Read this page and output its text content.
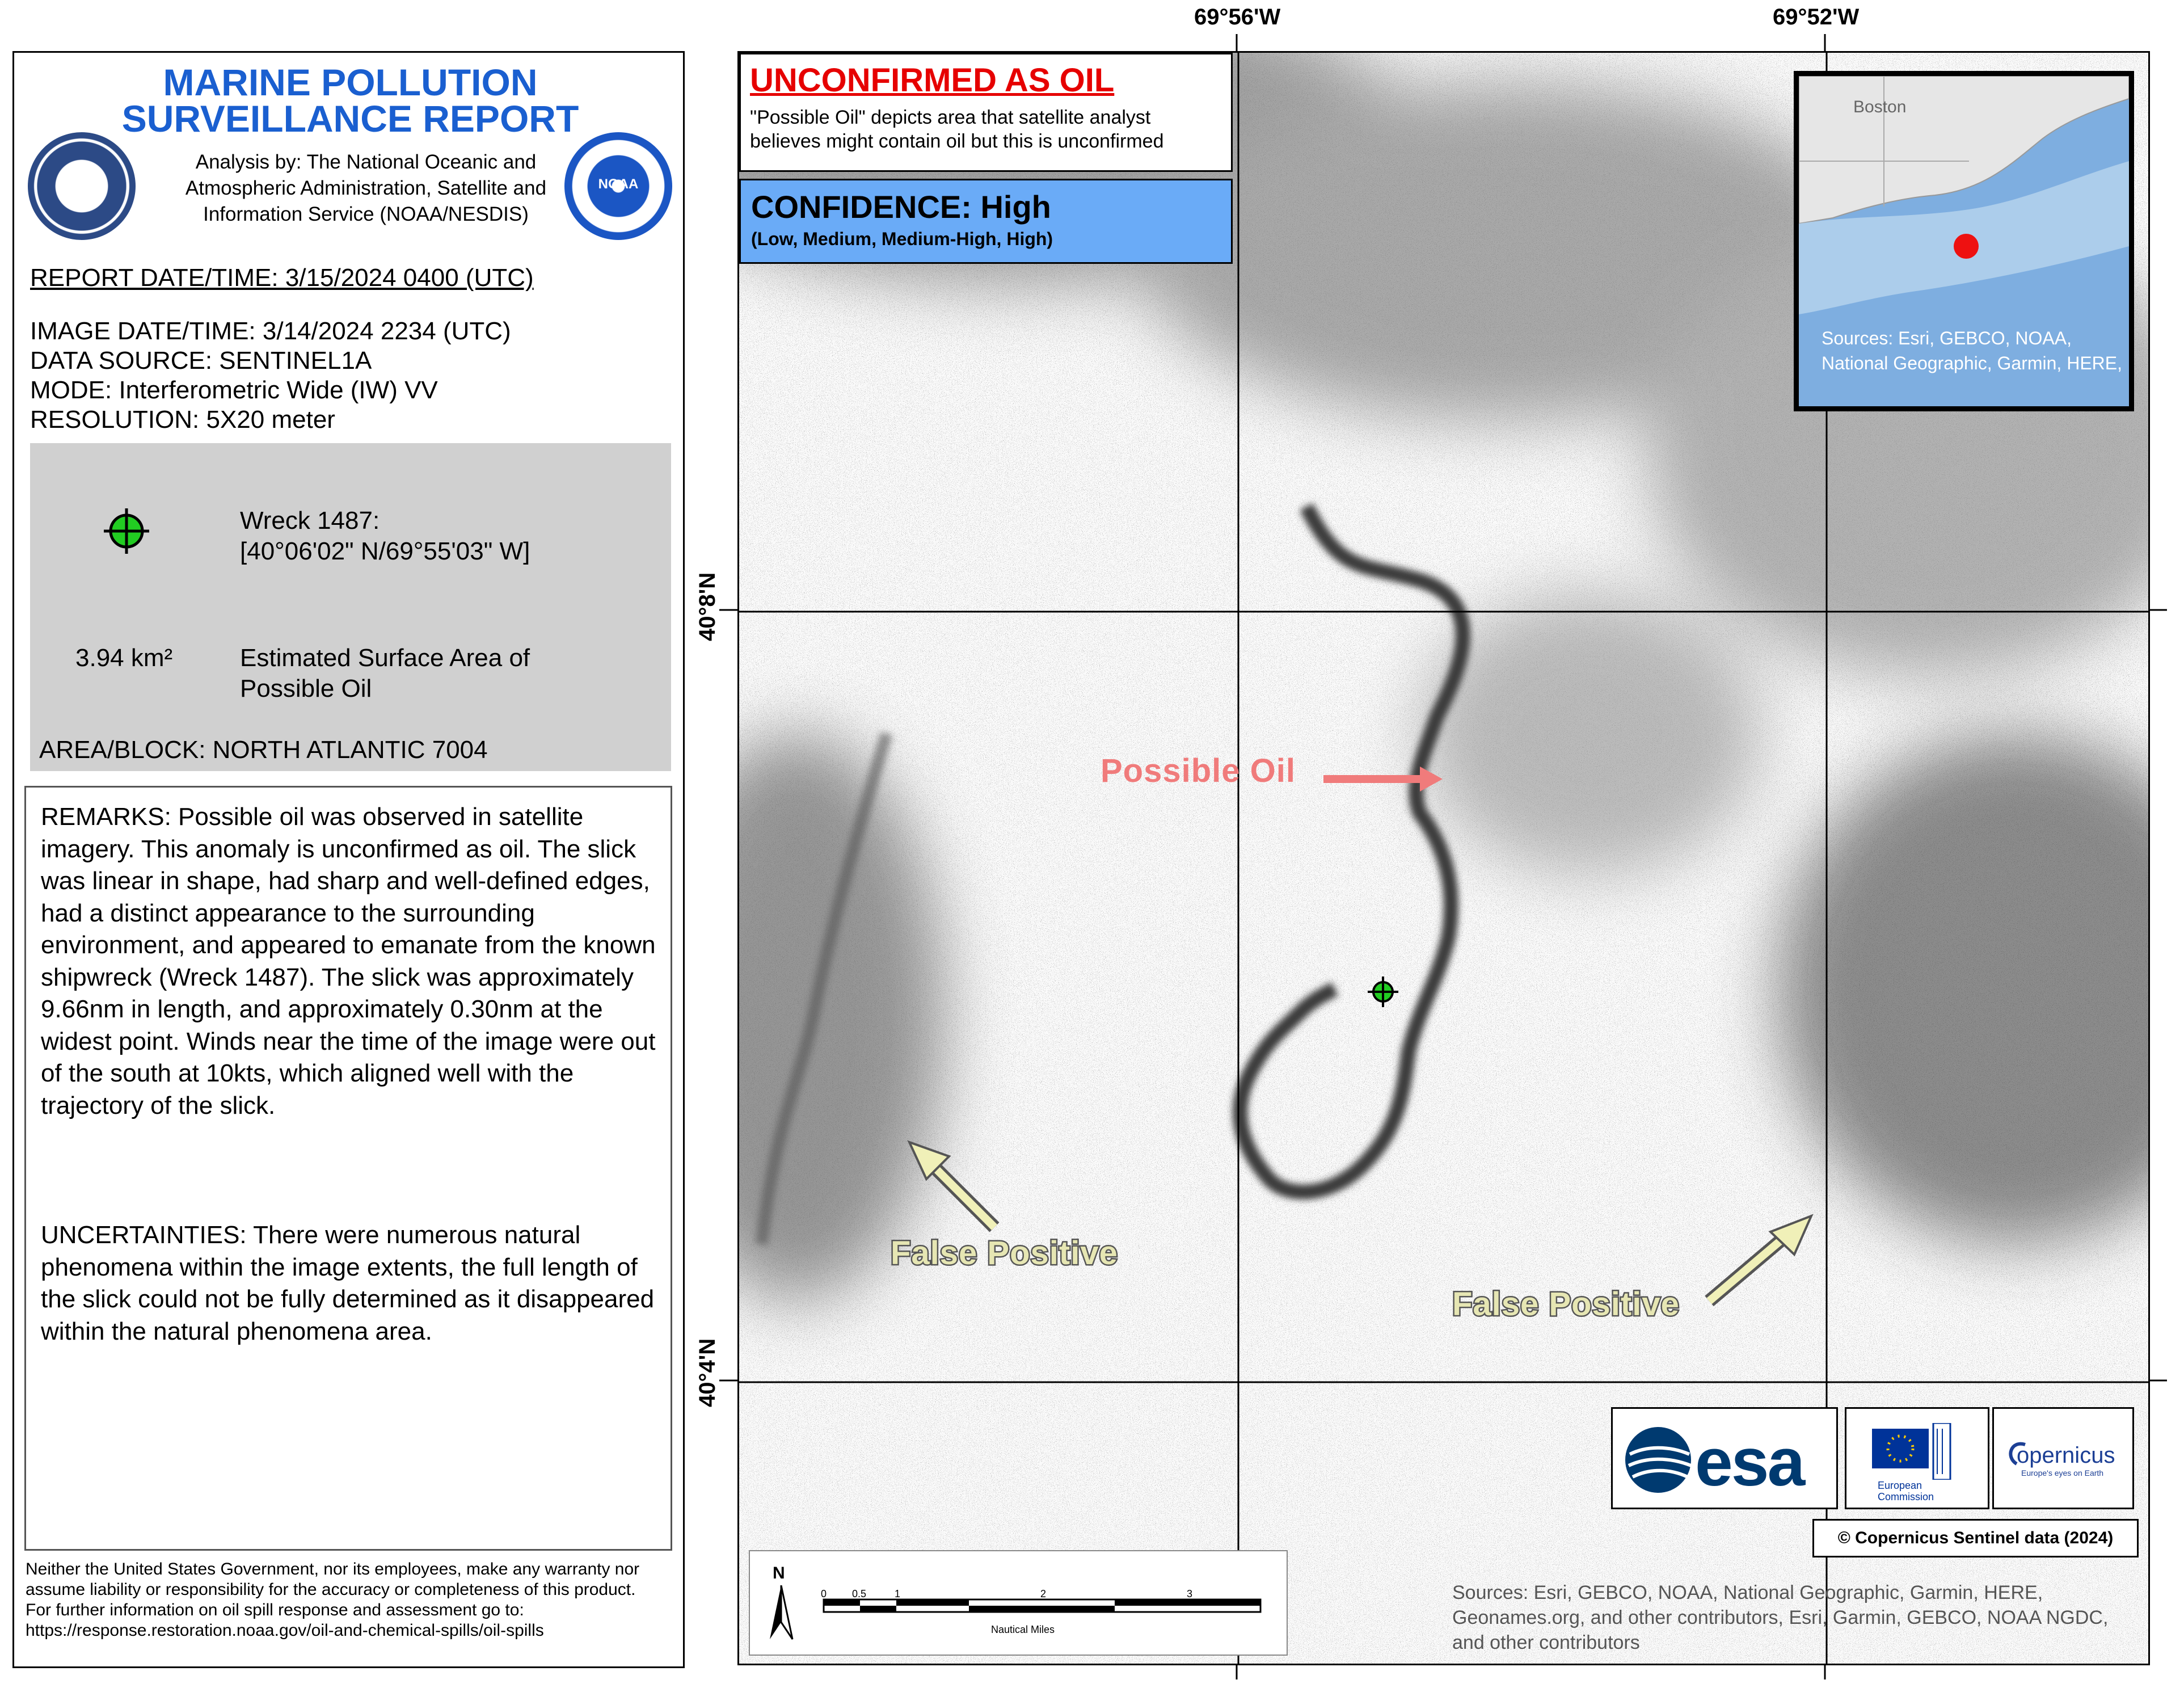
MARINE POLLUTION
SURVEILLANCE REPORT
DOC	NOAA
Analysis by: The National Oceanic and
Atmospheric Administration, Satellite and
Information Service (NOAA/NESDIS)
REPORT DATE/TIME: 3/15/2024 0400 (UTC)
IMAGE DATE/TIME: 3/14/2024 2234 (UTC)
DATA SOURCE: SENTINEL1A
MODE: Interferometric Wide (IW) VV
RESOLUTION: 5X20 meter
Wreck 1487:
[40°06'02" N/69°55'03" W]
3.94 km²	Estimated Surface Area of
Possible Oil
AREA/BLOCK: NORTH ATLANTIC 7004

REMARKS: Possible oil was observed in satellite imagery. This anomaly is unconfirmed as oil. The slick was linear in shape, had sharp and well-defined edges, had a distinct appearance to the surrounding environment, and appeared to emanate from the known shipwreck (Wreck 1487). The slick was approximately 9.66nm in length, and approximately 0.30nm at the widest point. Winds near the time of the image were out of the south at 10kts, which aligned well with the trajectory of the slick.

UNCERTAINTIES: There were numerous natural phenomena within the image extents, the full length of the slick could not be fully determined as it disappeared within the natural phenomena area.

Neither the United States Government, nor its employees, make any warranty nor assume liability or responsibility for the accuracy or completeness of this product.
For further information on oil spill response and assessment go to:
https://response.restoration.noaa.gov/oil-and-chemical-spills/oil-spills
69°56'W	69°52'W
40°8'N
40°4'N
UNCONFIRMED AS OIL
"Possible Oil" depicts area that satellite analyst
believes might contain oil but this is unconfirmed
CONFIDENCE: High
(Low, Medium, Medium-High, High)
Boston
Sources: Esri, GEBCO, NOAA, National Geographic, Garmin, HERE,
Possible Oil
False Positive
False Positive
esa	European
Commission
opernicus
Europe's eyes on Earth
© Copernicus Sentinel data (2024)
Sources: Esri, GEBCO, NOAA, National Geographic, Garmin, HERE, Geonames.org, and other contributors, Esri, Garmin, GEBCO, NOAA NGDC, and other contributors
N
0 0.5	1	2	3
Nautical Miles
